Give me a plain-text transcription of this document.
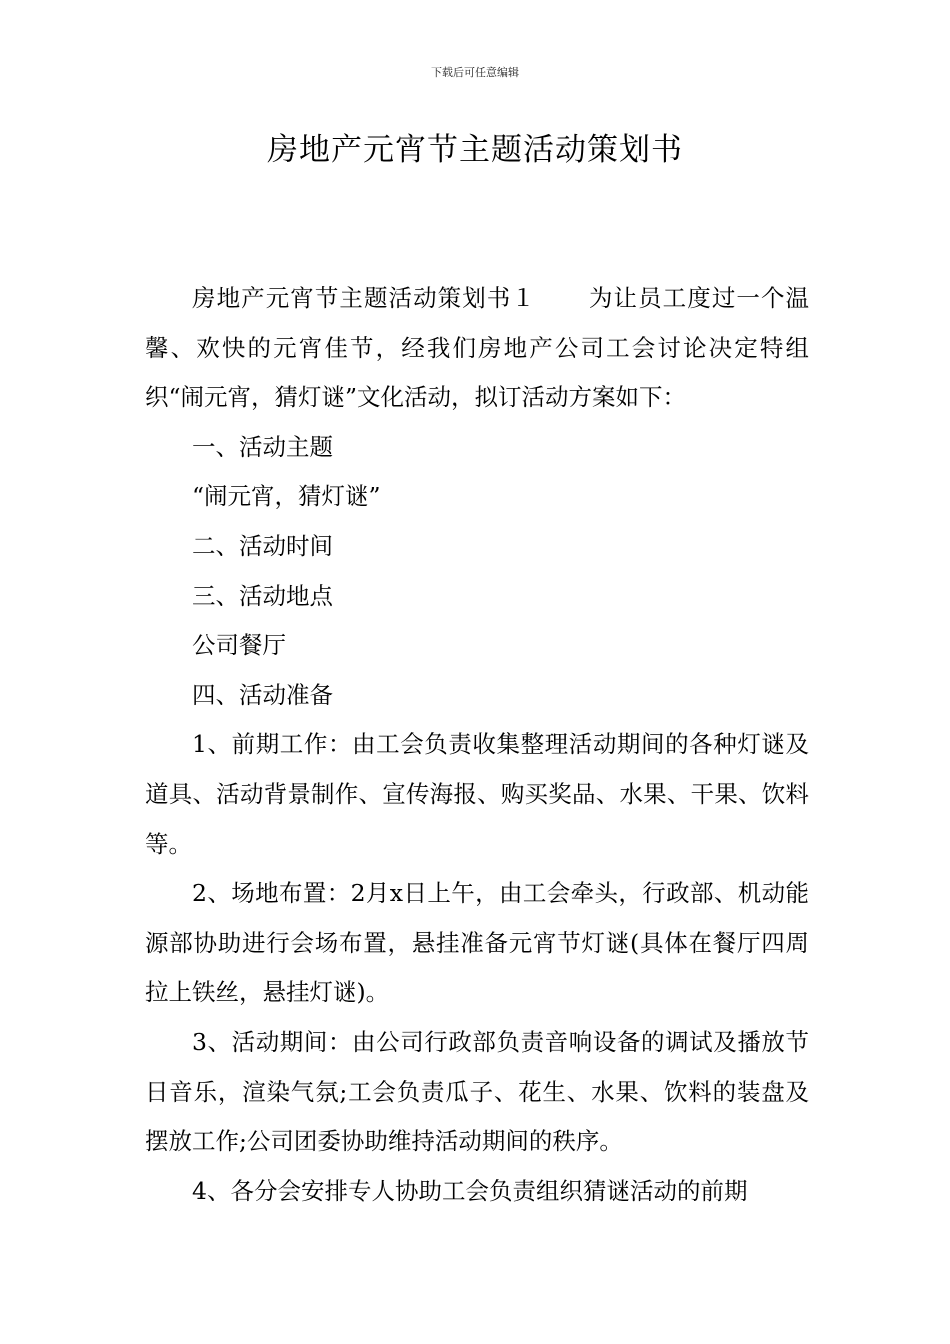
下载后可任意编辑
房地产元宵节主题活动策划书

房地产元宵节主题活动策划书１ 为让员工度过一个温馨、欢快的元宵佳节，经我们房地产公司工会讨论决定特组织“闹元宵，猜灯谜”文化活动，拟订活动方案如下：

一、活动主题

“闹元宵，猜灯谜”

二、活动时间

三、活动地点

公司餐厅

四、活动准备

1、前期工作：由工会负责收集整理活动期间的各种灯谜及道具、活动背景制作、宣传海报、购买奖品、水果、干果、饮料等。

2、场地布置：2月x日上午，由工会牵头，行政部、机动能源部协助进行会场布置，悬挂准备元宵节灯谜(具体在餐厅四周拉上铁丝，悬挂灯谜)。

3、活动期间：由公司行政部负责音响设备的调试及播放节日音乐，渲染气氛;工会负责瓜子、花生、水果、饮料的装盘及摆放工作;公司团委协助维持活动期间的秩序。

4、各分会安排专人协助工会负责组织猜谜活动的前期
